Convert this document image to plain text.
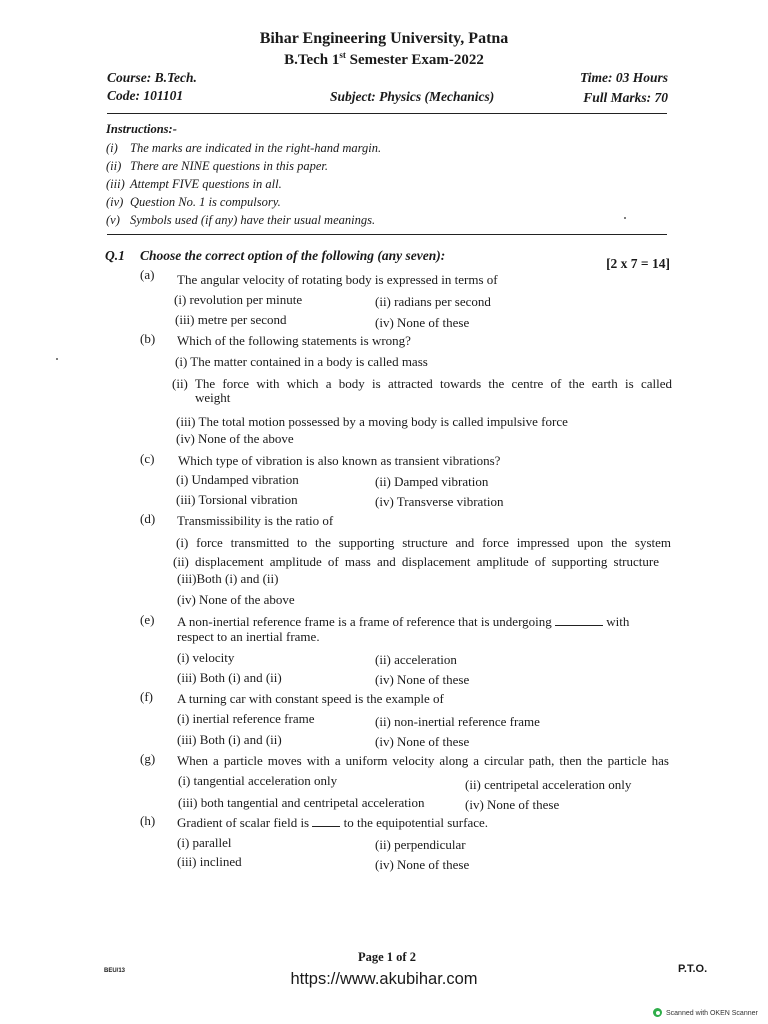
Bihar Engineering University, Patna
B.Tech 1st Semester Exam-2022
Course: B.Tech.
Code: 101101	Subject: Physics (Mechanics)
Time: 03 Hours
Full Marks: 70
Instructions:-
(i) The marks are indicated in the right-hand margin.
(ii) There are NINE questions in this paper.
(iii) Attempt FIVE questions in all.
(iv) Question No. 1 is compulsory.
(v) Symbols used (if any) have their usual meanings.
Q.1 Choose the correct option of the following (any seven):
[2 x 7 = 14]
(a) The angular velocity of rotating body is expressed in terms of
(i) revolution per minute	(ii) radians per second
(iii) metre per second	(iv) None of these
(b) Which of the following statements is wrong?
(i) The matter contained in a body is called mass
(ii) The force with which a body is attracted towards the centre of the earth is called
weight
(iii) The total motion possessed by a moving body is called impulsive force
(iv) None of the above
(c) Which type of vibration is also known as transient vibrations?
(i) Undamped vibration	(ii) Damped vibration
(iii) Torsional vibration	(iv) Transverse vibration
(d) Transmissibility is the ratio of
(i) force transmitted to the supporting structure and force impressed upon the system
(ii) displacement amplitude of mass and displacement amplitude of supporting structure
(iii)Both (i) and (ii)
(iv) None of the above
(e) A non-inertial reference frame is a frame of reference that is undergoing	with
respect to an inertial frame.
(i) velocity	(ii) acceleration
(iii) Both (i) and (ii)	(iv) None of these
(f) A turning car with constant speed is the example of
(i) inertial reference frame	(ii) non-inertial reference frame
(iii) Both (i) and (ii)	(iv) None of these
(g) When a particle moves with a uniform velocity along a circular path, then the particle has
(i) tangential acceleration only	(ii) centripetal acceleration only
(iii) both tangential and centripetal acceleration	(iv) None of these
(h) Gradient of scalar field is	to the equipotential surface.
(i) parallel	(ii) perpendicular
(iii) inclined	(iv) None of these
Page 1 of 2
BEU/13	P.T.O.
https://www.akubihar.com
Scanned with OKEN Scanner
